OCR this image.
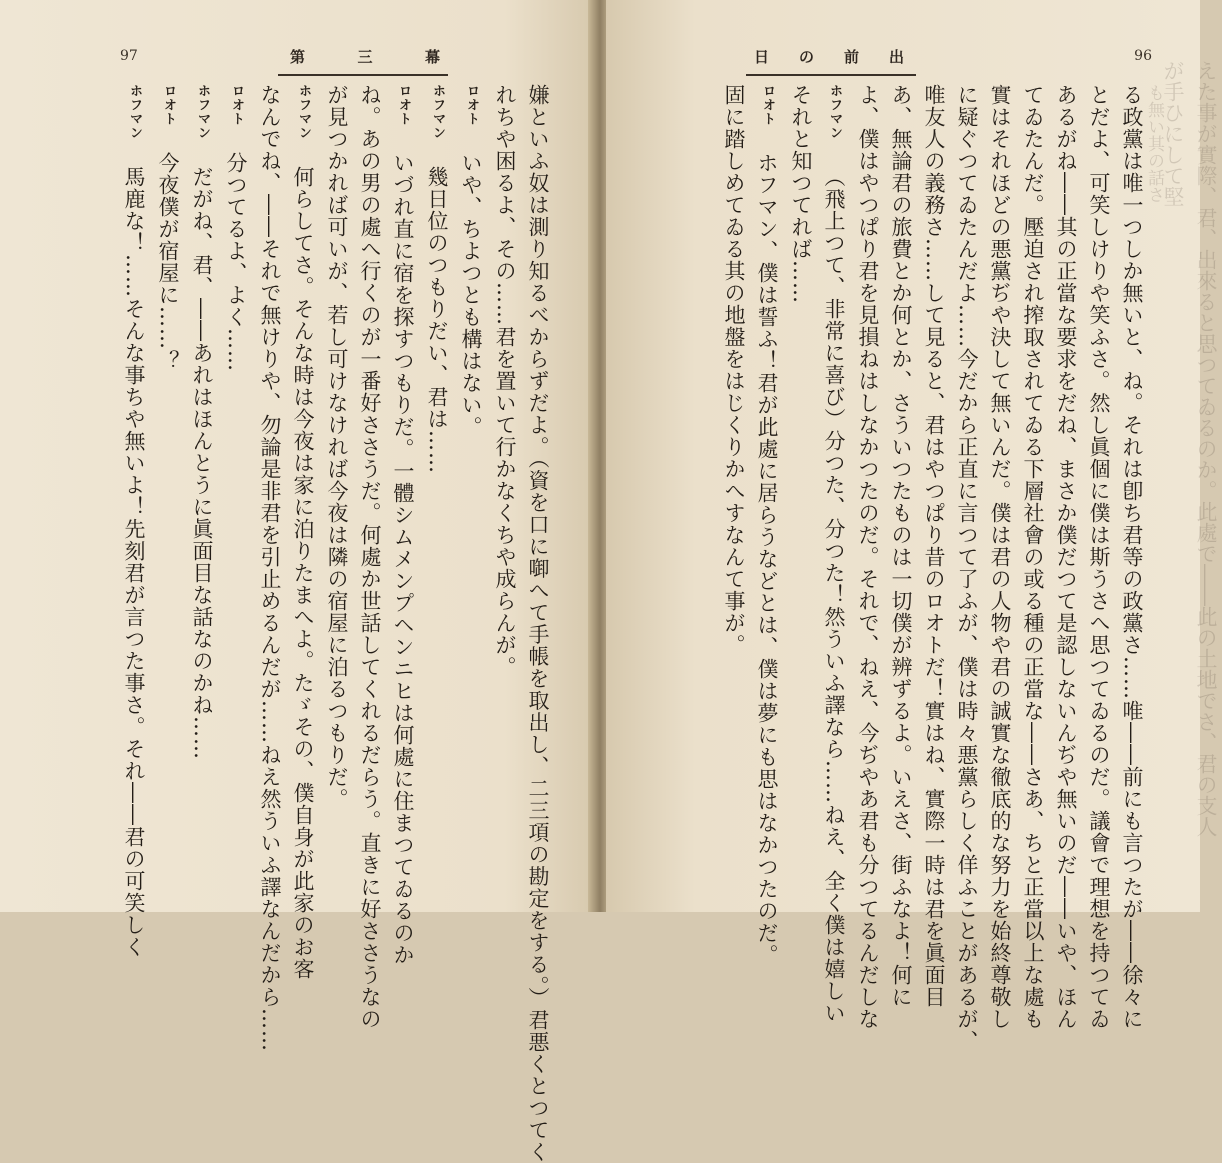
97	第	三	幕
嫌といふ奴は測り知るべからずだよ。（資を口に啣へて手帳を取出し、二三項の勘定をする。）君悪くとつてく
れちや困るよ、その……君を置いて行かなくちや成らんが。
ロオトいや、ちよつとも構はない。
ホフマン幾日位のつもりだい、君は……
ロオトいづれ直に宿を探すつもりだ。一體シムメンプヘンニヒは何處に住まつてゐるのか
ね。あの男の處へ行くのが一番好ささうだ。何處か世話してくれるだらう。直きに好ささうなの
が見つかれば可いが、若し可けなければ今夜は隣の宿屋に泊るつもりだ。
ホフマン何らしてさ。そんな時は今夜は家に泊りたまへよ。たゞその、僕自身が此家のお客
なんでね、――それで無けりや、勿論是非君を引止めるんだが……ねえ然ういふ譯なんだから……
ロオト分つてるよ、よく……
ホフマンだがね、君、――あれはほんとうに眞面目な話なのかね……
ロオト今夜僕が宿屋に……？
ホフマン馬鹿な！……そんな事ちや無いよ！先刻君が言つた事さ。それ――君の可笑しく
96
日 の 前 出
えた事が實際、君、出來ると思つてゐるのか。此處で――此の土地でさ、君の支人が手ひにして堅
も無い其の話さ
る政黨は唯一つしか無いと、ね。それは卽ち君等の政黨さ……唯――前にも言つたが――徐々に
とだよ、可笑しけりや笑ふさ。然し眞個に僕は斯うさへ思つてゐるのだ。議會で理想を持つてゐ
あるがね――其の正當な要求をだね、まさか僕だつて是認しないんぢや無いのだ――いや、ほん
てゐたんだ。壓迫され搾取されてゐる下層社會の或る種の正當な――さあ、ちと正當以上な處も
實はそれほどの悪黨ぢや決して無いんだ。僕は君の人物や君の誠實な徹底的な努力を始終尊敬し
に疑ぐつてゐたんだよ……今だから正直に言つて了ふが、僕は時々悪黨らしく佯ふことがあるが、
唯友人の義務さ……して見ると、君はやつぱり昔のロオトだ！實はね、實際一時は君を眞面目
あ、無論君の旅費とか何とか、さういつたものは一切僕が辨ずるよ。いえさ、街ふなよ！何に
よ、僕はやつぱり君を見損ねはしなかつたのだ。それで、ねえ、今ぢやあ君も分つてるんだしな
ホフマン（飛上つて、非常に喜び）分つた、分つた！然ういふ譯なら……ねえ、全く僕は嬉しい
それと知つてれば……
ロオトホフマン、僕は誓ふ！君が此處に居らうなどとは、僕は夢にも思はなかつたのだ。
固に踏しめてゐる其の地盤をはじくりかへすなんて事が。
